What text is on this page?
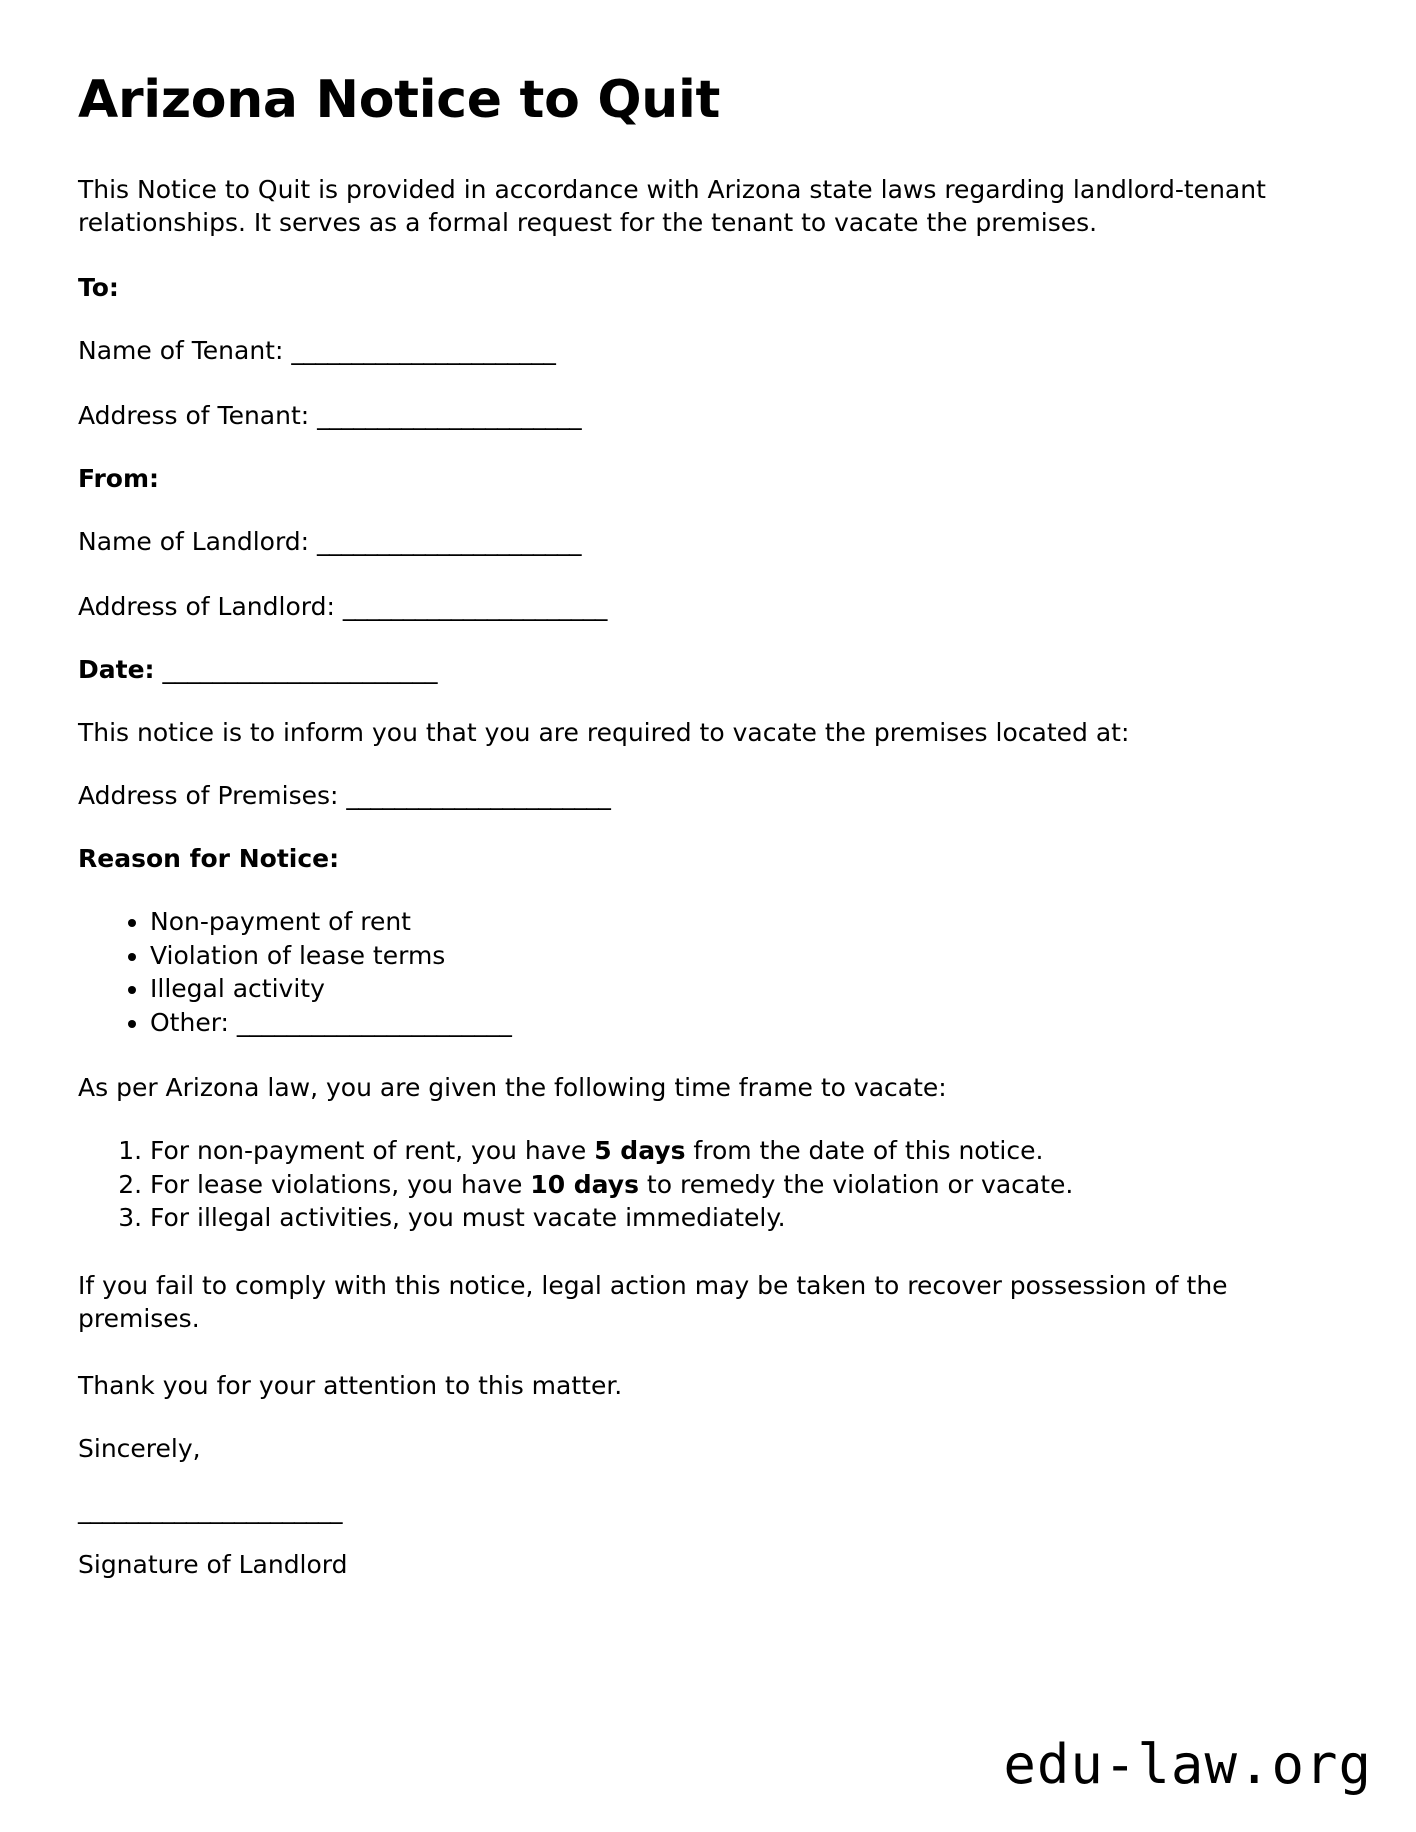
Arizona Notice to Quit

This Notice to Quit is provided in accordance with Arizona state laws regarding landlord-tenant relationships. It serves as a formal request for the tenant to vacate the premises.

To:

Name of Tenant: ______________________

Address of Tenant: ______________________

From:

Name of Landlord: ______________________

Address of Landlord: ______________________

Date: ______________________

This notice is to inform you that you are required to vacate the premises located at:

Address of Premises: ______________________

Reason for Notice:

• Non-payment of rent
• Violation of lease terms
• Illegal activity
• Other: ______________________

As per Arizona law, you are given the following time frame to vacate:

1. For non-payment of rent, you have 5 days from the date of this notice.
2. For lease violations, you have 10 days to remedy the violation or vacate.
3. For illegal activities, you must vacate immediately.

If you fail to comply with this notice, legal action may be taken to recover possession of the premises.

Thank you for your attention to this matter.

Sincerely,

______________________

Signature of Landlord

edu-law.org
